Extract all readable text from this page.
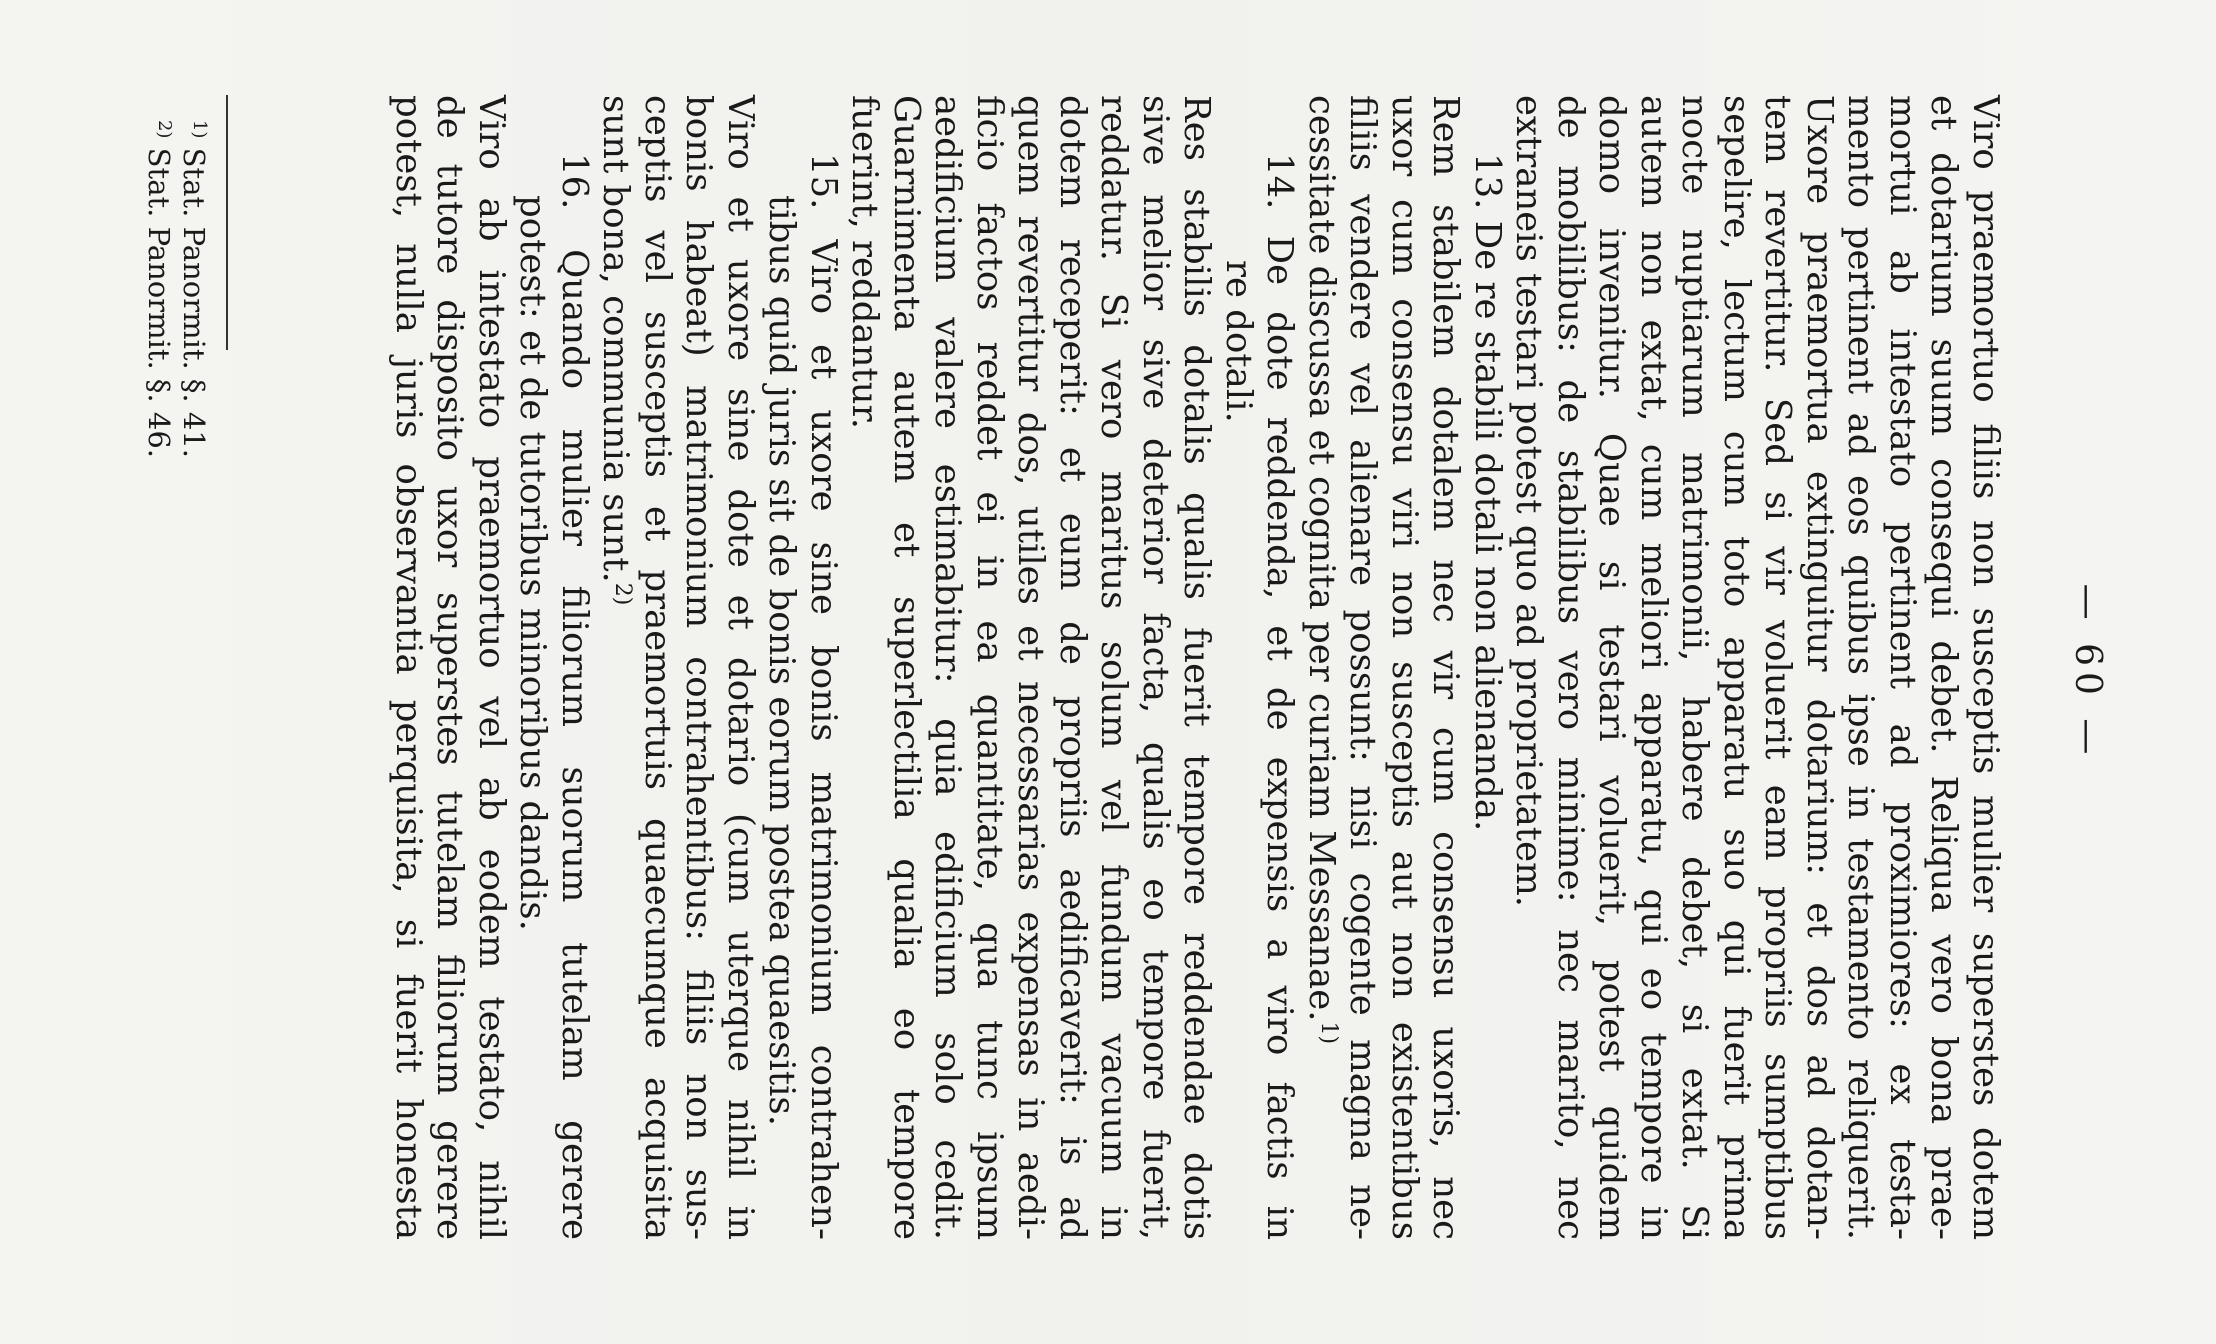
— 60 —
Viro praemortuo filiis non susceptis mulier superstes dotem
et dotarium suum consequi debet. Reliqua vero bona prae-
mortui ab intestato pertinent ad proximiores: ex testa-
mento pertinent ad eos quibus ipse in testamento reliquerit.
Uxore praemortua extinguitur dotarium: et dos ad dotan-
tem revertitur. Sed si vir voluerit eam propriis sumptibus
sepelire, lectum cum toto apparatu suo qui fuerit prima
nocte nuptiarum matrimonii, habere debet, si extat. Si
autem non extat, cum meliori apparatu, qui eo tempore in
domo invenitur. Quae si testari voluerit, potest quidem
de mobilibus: de stabilibus vero minime: nec marito, nec
extraneis testari potest quo ad proprietatem.
13. De re stabili dotali non alienanda.
Rem stabilem dotalem nec vir cum consensu uxoris, nec
uxor cum consensu viri non susceptis aut non existentibus
filiis vendere vel alienare possunt: nisi cogente magna ne-
cessitate discussa et cognita per curiam Messanae.$^{1)}$
14. De dote reddenda, et de expensis a viro factis in
re dotali.
Res stabilis dotalis qualis fuerit tempore reddendae dotis
sive melior sive deterior facta, qualis eo tempore fuerit,
reddatur. Si vero maritus solum vel fundum vacuum in
dotem receperit: et eum de propriis aedificaverit: is ad
quem revertitur dos, utiles et necessarias expensas in aedi-
ficio factos reddet ei in ea quantitate, qua tunc ipsum
aedificium valere estimabitur: quia edificium solo cedit.
Guarnimenta autem et superlectilia qualia eo tempore
fuerint, reddantur.
15. Viro et uxore sine bonis matrimonium contrahen-
tibus quid juris sit de bonis eorum postea quaesitis.
Viro et uxore sine dote et dotario (cum uterque nihil in
bonis habeat) matrimonium contrahentibus: filiis non sus-
ceptis vel susceptis et praemortuis quaecumque acquisita
sunt bona, communia sunt.$^{2)}$
16. Quando mulier filiorum suorum tutelam gerere
potest: et de tutoribus minoribus dandis.
Viro ab intestato praemortuo vel ab eodem testato, nihil
de tutore disposito uxor superstes tutelam filiorum gerere
potest, nulla juris observantia perquisita, si fuerit honesta
$^{1)}$ Stat. Panormit. §. 41.
$^{2)}$ Stat. Panormit. §. 46.
